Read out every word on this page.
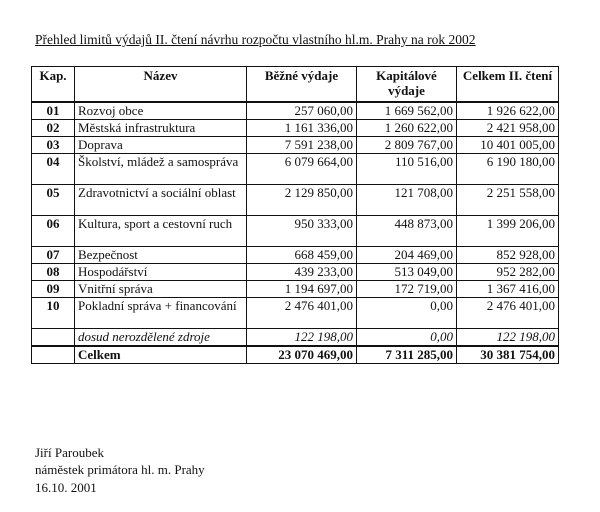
Přehled limitů výdajů II. čtení návrhu rozpočtu vlastního hl.m. Prahy na rok 2002
Kap.	Název	Běžné výdaje	Kapitálové výdaje	Celkem II. čtení
01	Rozvoj obce	257 060,00	1 669 562,00	1 926 622,00
02	Městská infrastruktura	1 161 336,00	1 260 622,00	2 421 958,00
03	Doprava	7 591 238,00	2 809 767,00	10 401 005,00
04	Školství, mládež a samospráva	6 079 664,00	110 516,00	6 190 180,00
05	Zdravotnictví a sociální oblast	2 129 850,00	121 708,00	2 251 558,00
06	Kultura, sport a cestovní ruch	950 333,00	448 873,00	1 399 206,00
07	Bezpečnost	668 459,00	204 469,00	852 928,00
08	Hospodářství	439 233,00	513 049,00	952 282,00
09	Vnitřní správa	1 194 697,00	172 719,00	1 367 416,00
10	Pokladní správa + financování	2 476 401,00	0,00	2 476 401,00
	dosud nerozdělené zdroje	122 198,00	0,00	122 198,00
	Celkem	23 070 469,00	7 311 285,00	30 381 754,00
Jiří Paroubek
náměstek primátora hl. m. Prahy
16.10. 2001
